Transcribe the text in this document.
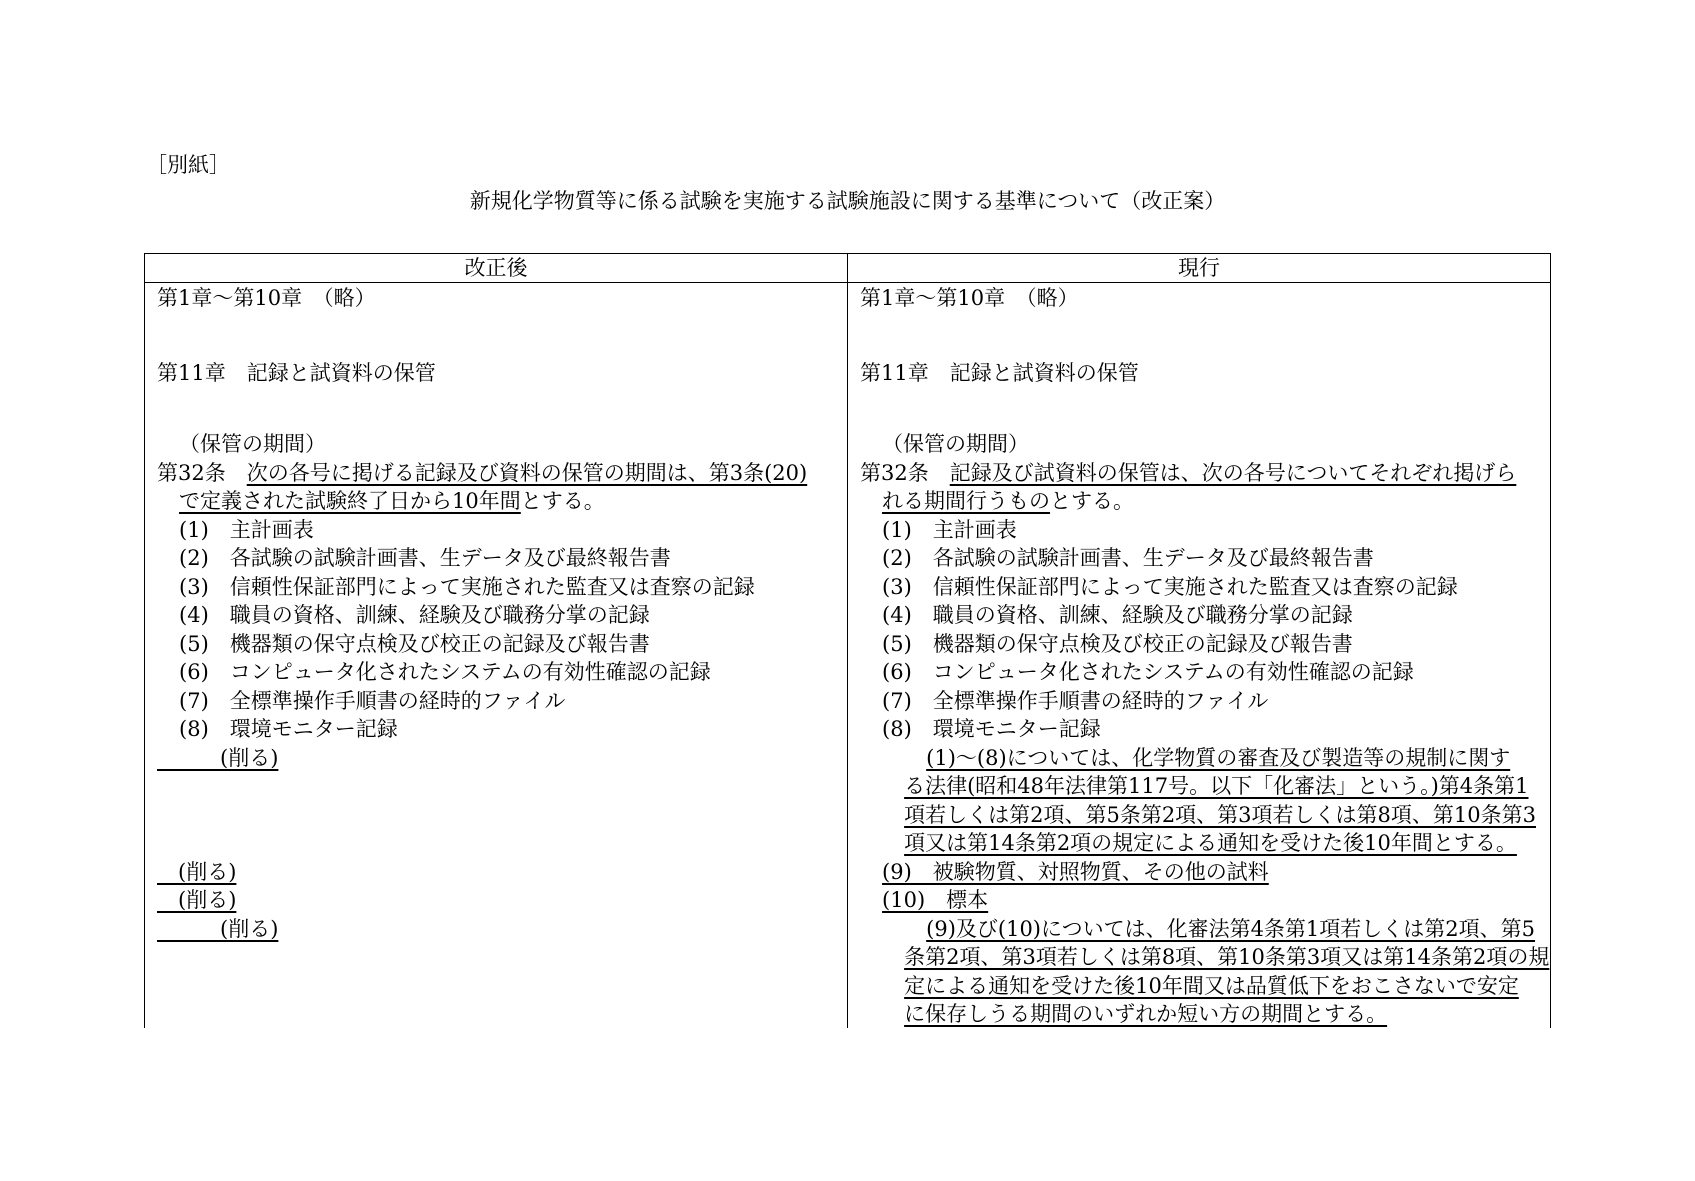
［別紙］
新規化学物質等に係る試験を実施する試験施設に関する基準について（改正案）
改正後	現行
第1章～第10章　（略）
第11章　記録と試資料の保管
（保管の期間）
第32条　次の各号に掲げる記録及び資料の保管の期間は、第3条(20)
で定義された試験終了日から10年間とする。
(1)　主計画表
(2)　各試験の試験計画書、生データ及び最終報告書
(3)　信頼性保証部門によって実施された監査又は査察の記録
(4)　職員の資格、訓練、経験及び職務分掌の記録
(5)　機器類の保守点検及び校正の記録及び報告書
(6)　コンピュータ化されたシステムの有効性確認の記録
(7)　全標準操作手順書の経時的ファイル
(8)　環境モニター記録
　　　(削る)
　(削る)
　(削る)
　　　(削る)
第1章～第10章　（略）
第11章　記録と試資料の保管
（保管の期間）
第32条　記録及び試資料の保管は、次の各号についてそれぞれ掲げら
れる期間行うものとする。
(1)　主計画表
(2)　各試験の試験計画書、生データ及び最終報告書
(3)　信頼性保証部門によって実施された監査又は査察の記録
(4)　職員の資格、訓練、経験及び職務分掌の記録
(5)　機器類の保守点検及び校正の記録及び報告書
(6)　コンピュータ化されたシステムの有効性確認の記録
(7)　全標準操作手順書の経時的ファイル
(8)　環境モニター記録
(1)～(8)については、化学物質の審査及び製造等の規制に関す
る法律(昭和48年法律第117号。以下「化審法」という。)第4条第1
項若しくは第2項、第5条第2項、第3項若しくは第8項、第10条第3
項又は第14条第2項の規定による通知を受けた後10年間とする。
(9)　被験物質、対照物質、その他の試料
(10)　標本
(9)及び(10)については、化審法第4条第1項若しくは第2項、第5
条第2項、第3項若しくは第8項、第10条第3項又は第14条第2項の規
定による通知を受けた後10年間又は品質低下をおこさないで安定
に保存しうる期間のいずれか短い方の期間とする。
